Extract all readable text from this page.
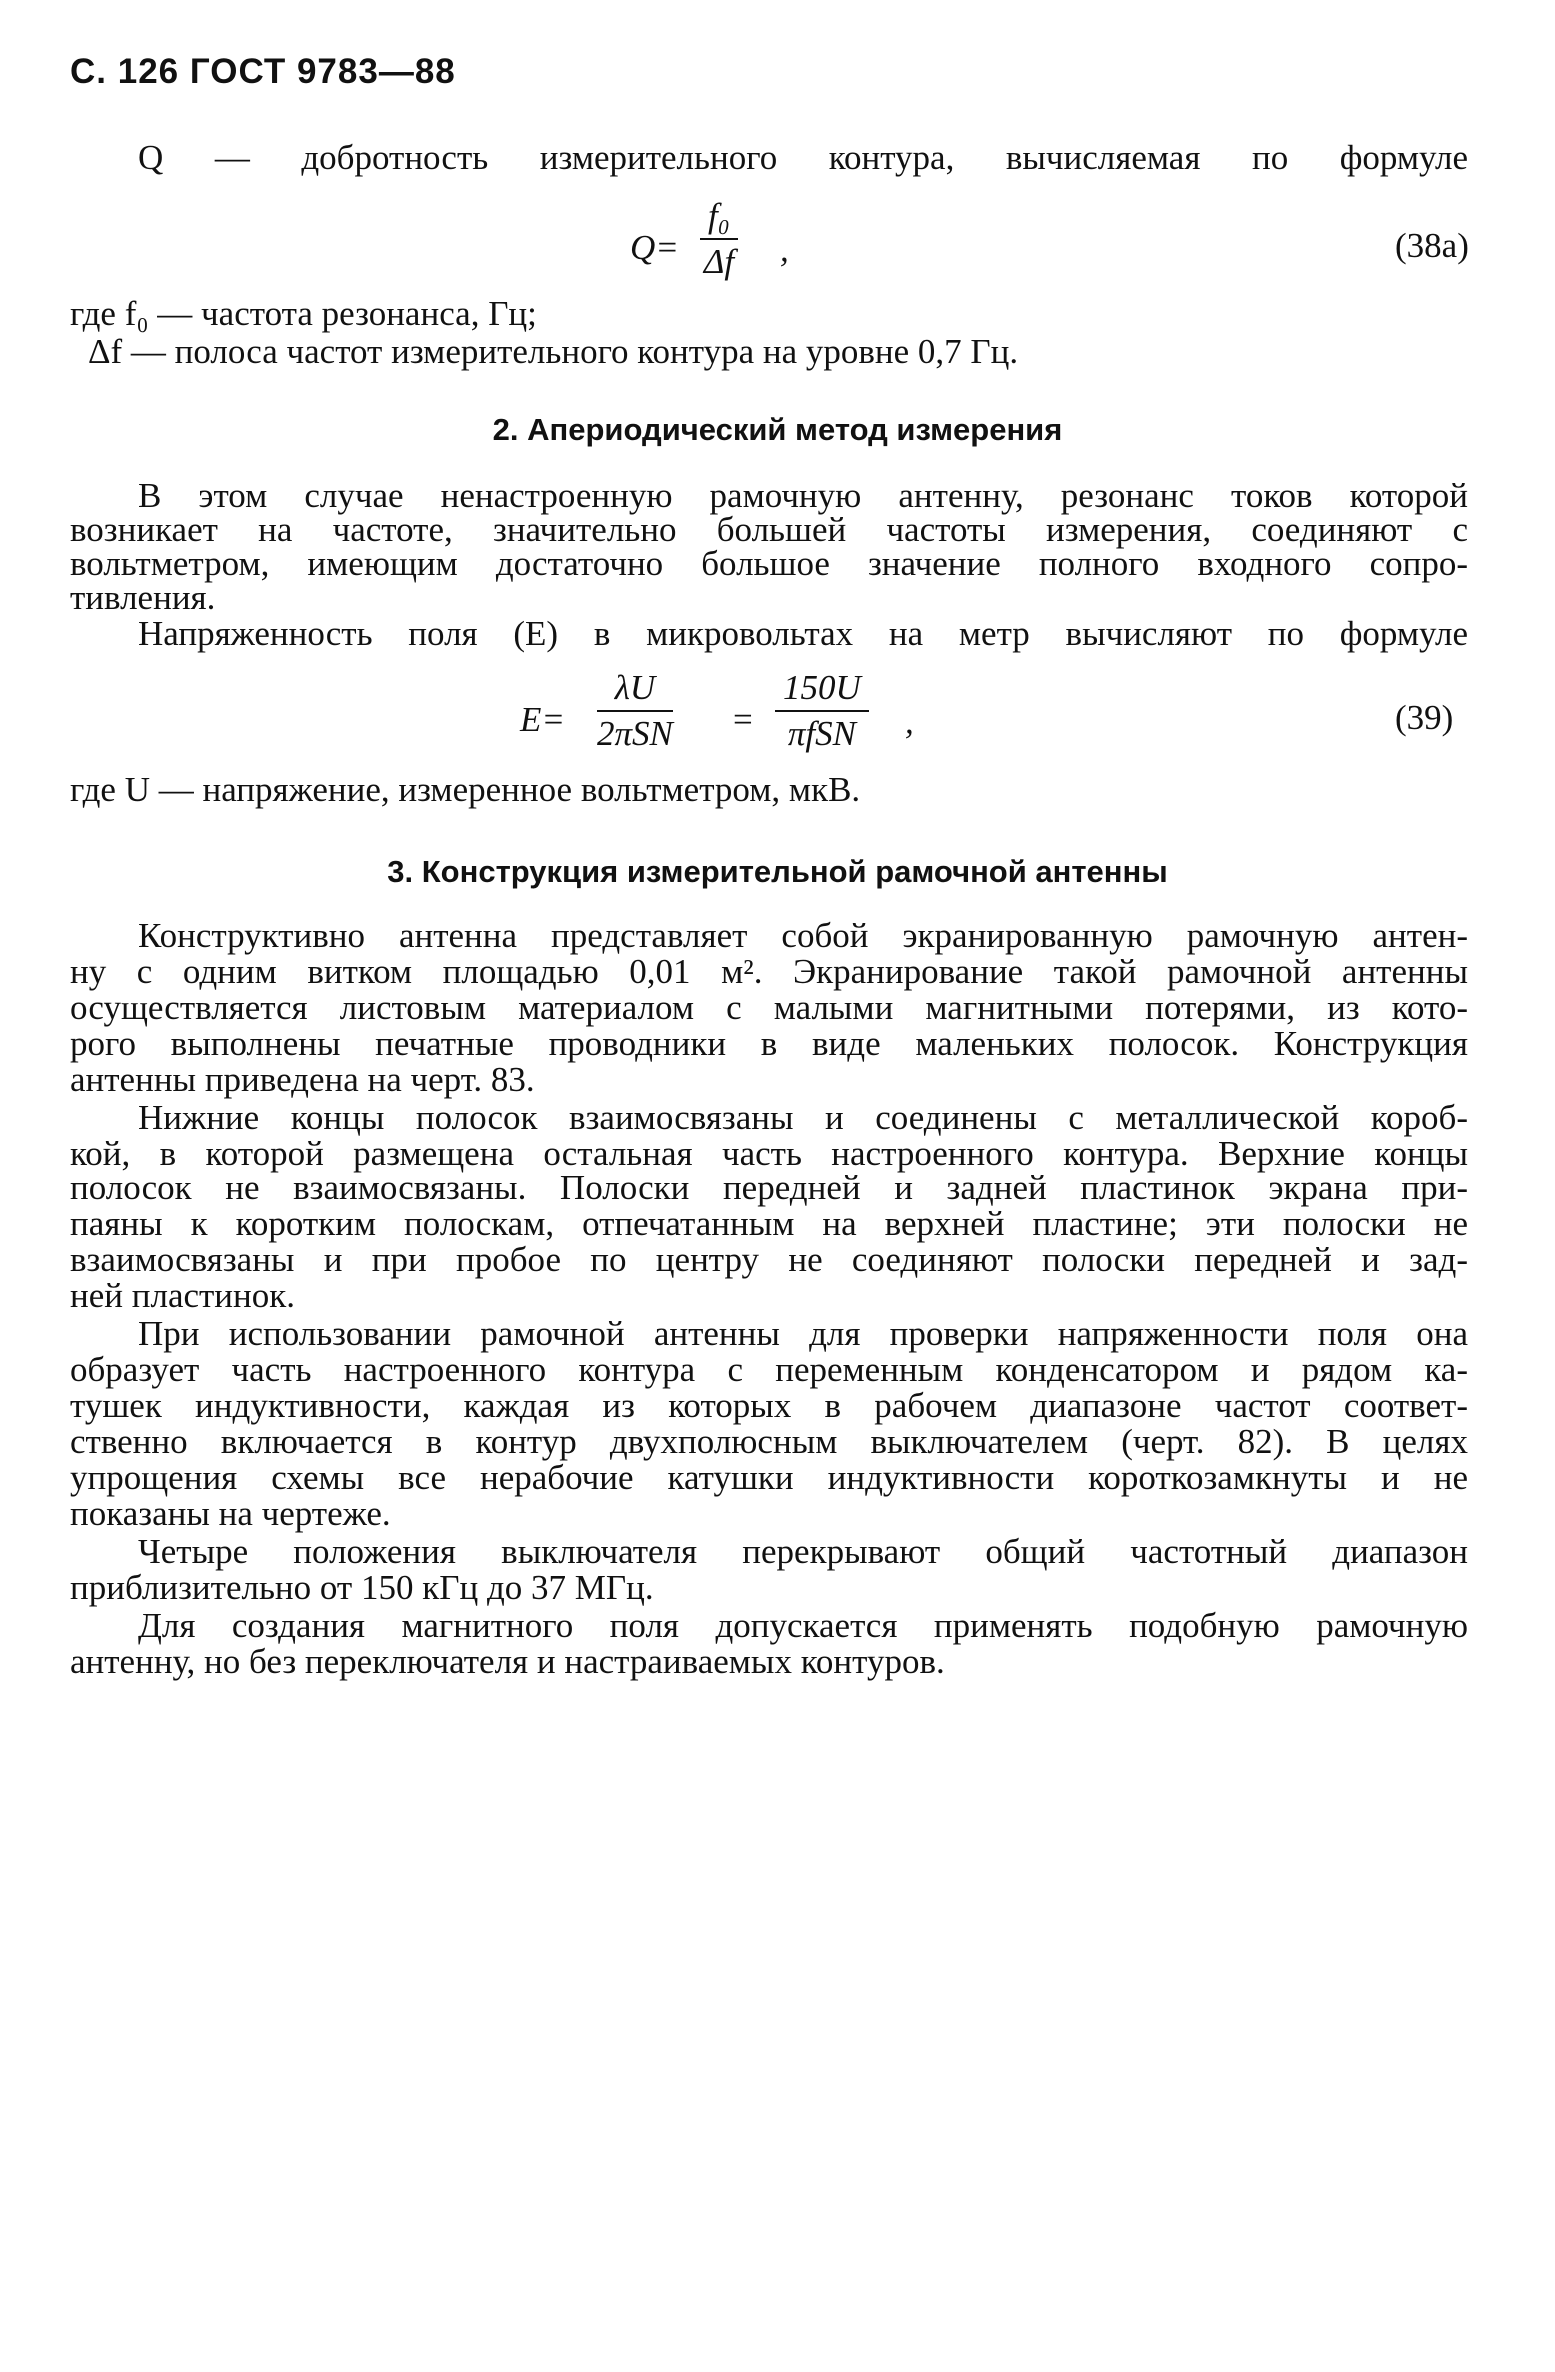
С. 126 ГОСТ 9783—88
Q — добротность измерительного контура, вычисляемая по формуле
$Q= \frac{\text{f₀}}{\Delta f}$ ,	(38а)
где f₀ — частота резонанса, Гц;
Δf — полоса частот измерительного контура на уровне 0,7 Гц.
2. Апериодический метод измерения
В этом случае ненастроенную рамочную антенну, резонанс токов которой
возникает на частоте, значительно большей частоты измерения, соединяют с
вольтметром, имеющим достаточно большое значение полного входного сопро-
тивления.
Напряженность поля (E) в микровольтах на метр вычисляют по формуле
E=
λU
2πSN =
150U
πfSN	,	(39)
где U — напряжение, измеренное вольтметром, мкВ.
3. Конструкция измерительной рамочной антенны
Конструктивно антенна представляет собой экранированную рамочную антен-
ну с одним витком площадью 0,01 м². Экранирование такой рамочной антенны
осуществляется листовым материалом с малыми магнитными потерями, из кото-
рого выполнены печатные проводники в виде маленьких полосок. Конструкция
антенны приведена на черт. 83.
Нижние концы полосок взаимосвязаны и соединены с металлической короб-
кой, в которой размещена остальная часть настроенного контура. Верхние концы
полосок не взаимосвязаны. Полоски передней и задней пластинок экрана при-
паяны к коротким полоскам, отпечатанным на верхней пластине; эти полоски не
взаимосвязаны и при пробое по центру не соединяют полоски передней и зад-
ней пластинок.
При использовании рамочной антенны для проверки напряженности поля она
образует часть настроенного контура с переменным конденсатором и рядом ка-
тушек индуктивности, каждая из которых в рабочем диапазоне частот соответ-
ственно включается в контур двухполюсным выключателем (черт. 82). В целях
упрощения схемы все нерабочие катушки индуктивности короткозамкнуты и не
показаны на чертеже.
Четыре положения выключателя перекрывают общий частотный диапазон
приблизительно от 150 кГц до 37 МГц.
Для создания магнитного поля допускается применять подобную рамочную
антенну, но без переключателя и настраиваемых контуров.
